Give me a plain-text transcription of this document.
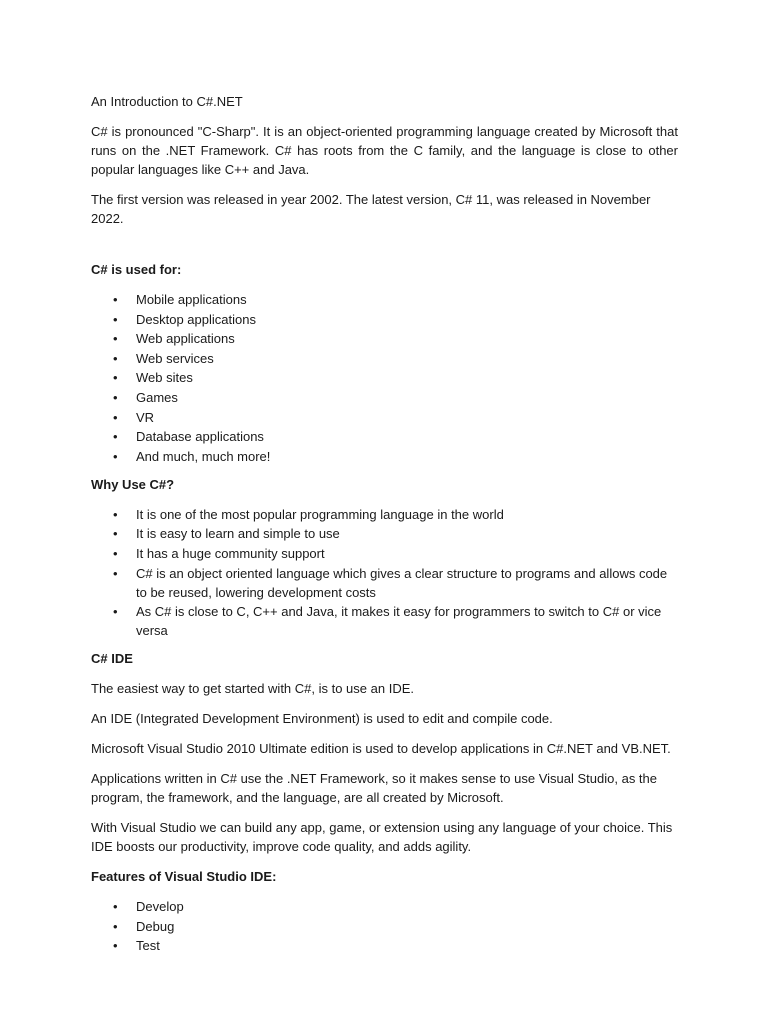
An Introduction to C#.NET

C# is pronounced "C-Sharp". It is an object-oriented programming language created by Microsoft that runs on the .NET Framework. C# has roots from the C family, and the language is close to other popular languages like C++ and Java.

The first version was released in year 2002. The latest version, C# 11, was released in November 2022.

C# is used for:

• Mobile applications
• Desktop applications
• Web applications
• Web services
• Web sites
• Games
• VR
• Database applications
• And much, much more!

Why Use C#?

• It is one of the most popular programming language in the world
• It is easy to learn and simple to use
• It has a huge community support
• C# is an object oriented language which gives a clear structure to programs and allows code to be reused, lowering development costs
• As C# is close to C, C++ and Java, it makes it easy for programmers to switch to C# or vice versa

C# IDE

The easiest way to get started with C#, is to use an IDE.

An IDE (Integrated Development Environment) is used to edit and compile code.

Microsoft Visual Studio 2010 Ultimate edition is used to develop applications in C#.NET and VB.NET.

Applications written in C# use the .NET Framework, so it makes sense to use Visual Studio, as the program, the framework, and the language, are all created by Microsoft.

With Visual Studio we can build any app, game, or extension using any language of your choice. This IDE boosts our productivity, improve code quality, and adds agility.

Features of Visual Studio IDE:

• Develop
• Debug
• Test
